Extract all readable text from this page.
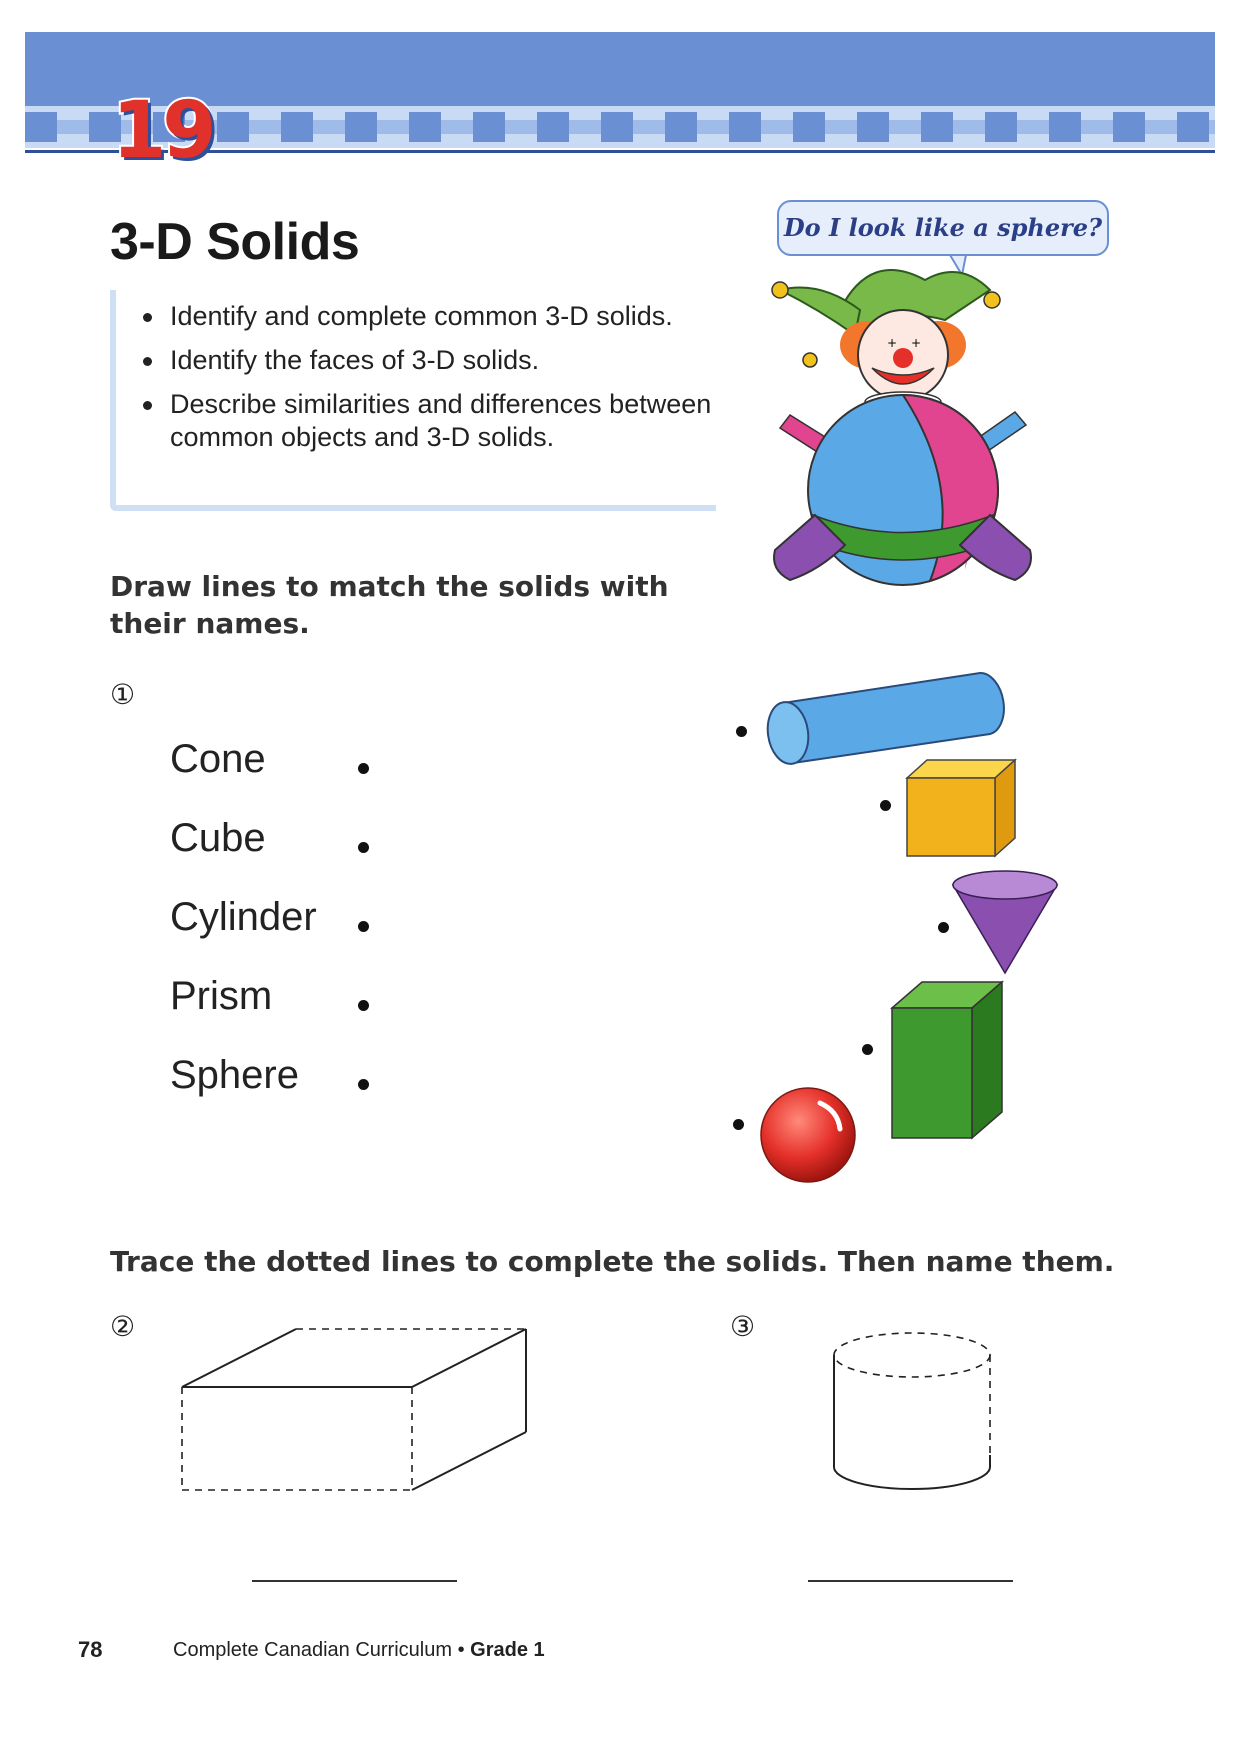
19
3-D Solids
Identify and complete common 3-D solids.
Identify the faces of 3-D solids.
Describe similarities and differences between common objects and 3-D solids.
Do I look like a sphere?
+ +
Draw lines to match the solids with their names.
①
Cone
Cube
Cylinder
Prism
Sphere
Trace the dotted lines to complete the solids. Then name them.
②	③
78	Complete Canadian Curriculum • Grade 1
